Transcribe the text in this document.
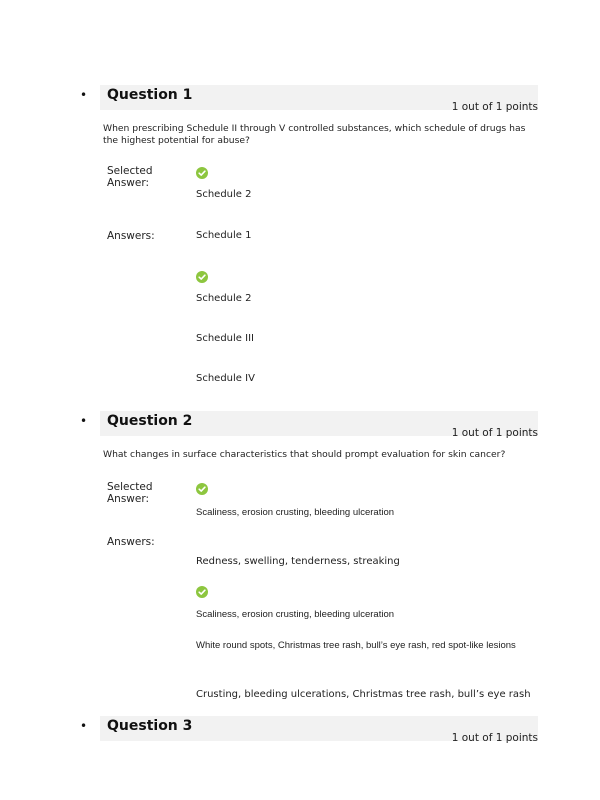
• Question 1
1 out of 1 points
When prescribing Schedule II through V controlled substances, which schedule of drugs has the highest potential for abuse?
Selected Answer:
Schedule 2
Answers:	Schedule 1
Schedule 2
Schedule III
Schedule IV
• Question 2
1 out of 1 points
What changes in surface characteristics that should prompt evaluation for skin cancer?
Selected Answer:
Scaliness, erosion crusting, bleeding ulceration
Answers:
Redness, swelling, tenderness, streaking
Scaliness, erosion crusting, bleeding ulceration
White round spots, Christmas tree rash, bull’s eye rash, red spot-like lesions
Crusting, bleeding ulcerations, Christmas tree rash, bull’s eye rash
• Question 3
1 out of 1 points
